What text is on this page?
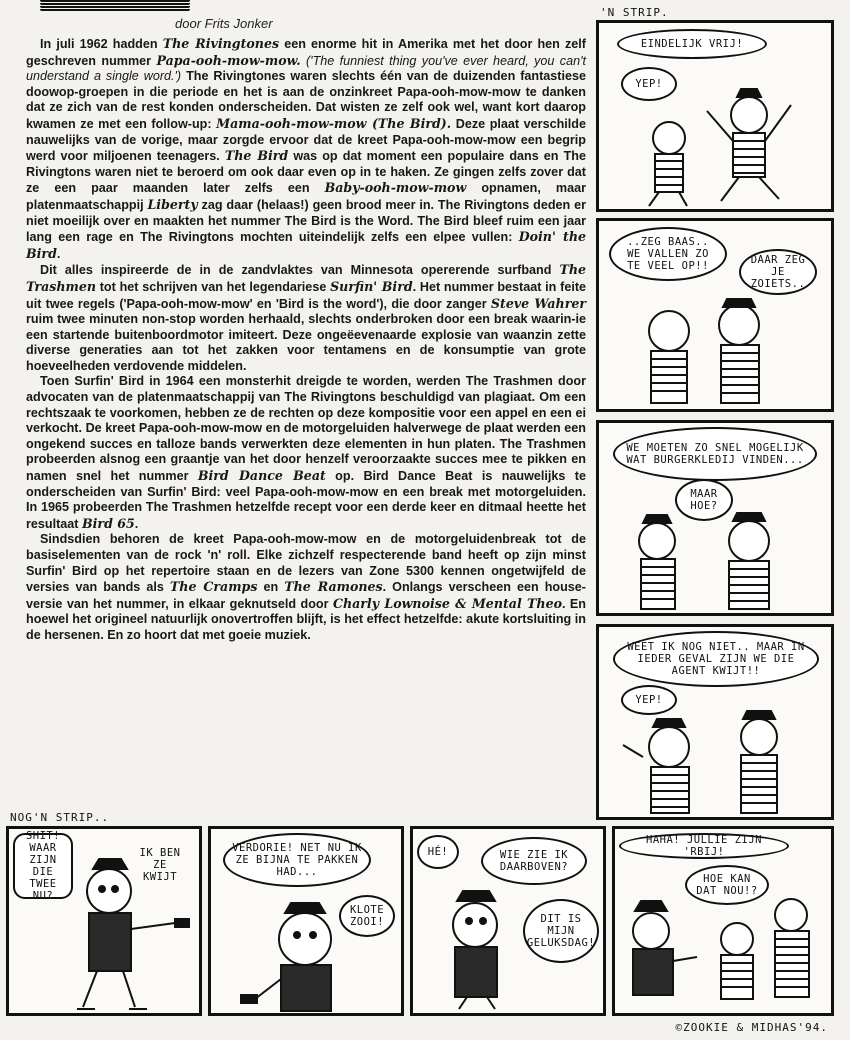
door Frits Jonker

In juli 1962 hadden The Rivingtones een enorme hit in Amerika met het door hen zelf geschreven nummer Papa-ooh-mow-mow. ('The funniest thing you've ever heard, you can't understand a single word.') The Rivingtones waren slechts één van de duizenden fantastiese doowop-groepen in die periode en het is aan de onzinkreet Papa-ooh-mow-mow te danken dat ze zich van de rest konden onderscheiden. Dat wisten ze zelf ook wel, want kort daarop kwamen ze met een follow-up: Mama-ooh-mow-mow (The Bird). Deze plaat verschilde nauwelijks van de vorige, maar zorgde ervoor dat de kreet Papa-ooh-mow-mow een begrip werd voor miljoenen teenagers. The Bird was op dat moment een populaire dans en The Rivingtons waren niet te beroerd om ook daar even op in te haken. Ze gingen zelfs zover dat ze een paar maanden later zelfs een Baby-ooh-mow-mow opnamen, maar platenmaatschappij Liberty zag daar (helaas!) geen brood meer in. The Rivingtons deden er niet moeilijk over en maakten het nummer The Bird is the Word. The Bird bleef ruim een jaar lang een rage en The Rivingtons mochten uiteindelijk zelfs een elpee vullen: Doin' the Bird.

Dit alles inspireerde de in de zandvlaktes van Minnesota opererende surfband The Trashmen tot het schrijven van het legendariese Surfin' Bird. Het nummer bestaat in feite uit twee regels ('Papa-ooh-mow-mow' en 'Bird is the word'), die door zanger Steve Wahrer ruim twee minuten non-stop worden herhaald, slechts onderbroken door een break waarin-ie een startende buitenboordmotor imiteert. Deze ongeëevenaarde explosie van waanzin zette diverse generaties aan tot het zakken voor tentamens en de konsumptie van grote hoeveelheden verdovende middelen.

Toen Surfin' Bird in 1964 een monsterhit dreigde te worden, werden The Trashmen door advocaten van de platenmaatschappij van The Rivingtons beschuldigd van plagiaat. Om een rechtszaak te voorkomen, hebben ze de rechten op deze kompositie voor een appel en een ei verkocht. De kreet Papa-ooh-mow-mow en de motorgeluiden halverwege de plaat werden een ongekend succes en talloze bands verwerkten deze elementen in hun platen. The Trashmen probeerden alsnog een graantje van het door henzelf veroorzaakte succes mee te pikken en namen snel het nummer Bird Dance Beat op. Bird Dance Beat is nauwelijks te onderscheiden van Surfin' Bird: veel Papa-ooh-mow-mow en een break met motorgeluiden. In 1965 probeerden The Trashmen hetzelfde recept voor een derde keer en ditmaal heette het resultaat Bird 65.

Sindsdien behoren de kreet Papa-ooh-mow-mow en de motorgeluidenbreak tot de basiselementen van de rock 'n' roll. Elke zichzelf respecterende band heeft op zijn minst Surfin' Bird op het repertoire staan en de lezers van Zone 5300 kennen ongetwijfeld de versies van bands als The Cramps en The Ramones. Onlangs verscheen een house-versie van het nummer, in elkaar geknutseld door Charly Lownoise & Mental Theo. En hoewel het origineel natuurlijk onovertroffen blijft, is het effect hetzelfde: akute kortsluiting in de hersenen. En zo hoort dat met goeie muziek.

'N STRIP.
EINDELIJK VRIJ!
YEP!
..ZEG BAAS.. WE VALLEN ZO TE VEEL OP!!	DAAR ZEG JE ZOIETS..
WE MOETEN ZO SNEL MOGELIJK WAT BURGERKLEDIJ VINDEN...
MAAR HOE?
WEET IK NOG NIET.. MAAR IN IEDER GEVAL ZIJN WE DIE AGENT KWIJT!!
YEP!
NOG'N STRIP..
SHIT! WAAR ZIJN DIE TWEE NU?
IK BEN ZE KWIJT
VERDORIE! NET NU IK ZE BIJNA TE PAKKEN HAD...
KLOTE ZOOI!
HÉ!	WIE ZIE IK DAARBOVEN?
DIT IS MIJN GELUKSDAG!
HAHA! JULLIE ZIJN 'RBIJ!
HOE KAN DAT NOU!?
©ZOOKIE & MIDHAS'94.
